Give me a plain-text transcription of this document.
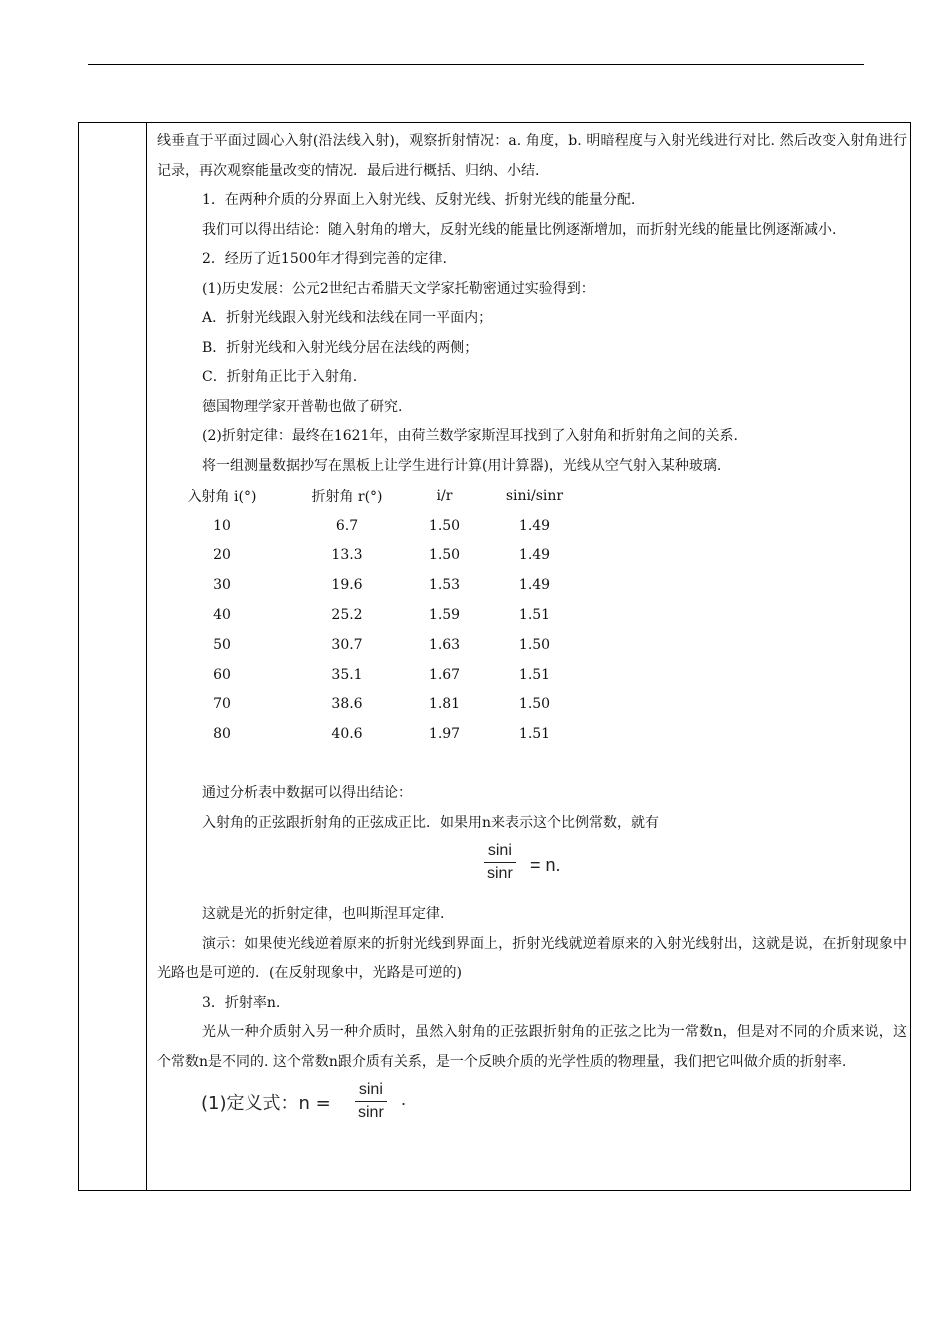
线垂直于平面过圆心入射(沿法线入射)，观察折射情况：a. 角度，b. 明暗程度与入射光线进行对比. 然后改变入射角进行记录，再次观察能量改变的情况．最后进行概括、归纳、小结.

1．在两种介质的分界面上入射光线、反射光线、折射光线的能量分配.

我们可以得出结论：随入射角的增大，反射光线的能量比例逐渐增加，而折射光线的能量比例逐渐减小.

2．经历了近1500年才得到完善的定律.

(1)历史发展：公元2世纪古希腊天文学家托勒密通过实验得到：

A．折射光线跟入射光线和法线在同一平面内；

B．折射光线和入射光线分居在法线的两侧；

C．折射角正比于入射角.

德国物理学家开普勒也做了研究.

(2)折射定律：最终在1621年，由荷兰数学家斯涅耳找到了入射角和折射角之间的关系.

将一组测量数据抄写在黑板上让学生进行计算(用计算器)，光线从空气射入某种玻璃.

入射角 i(°)	折射角 r(°)	i/r	sini/sinr
10	6.7	1.50	1.49
20	13.3	1.50	1.49
30	19.6	1.53	1.49
40	25.2	1.59	1.51
50	30.7	1.63	1.50
60	35.1	1.67	1.51
70	38.6	1.81	1.50
80	40.6	1.97	1.51

通过分析表中数据可以得出结论：

入射角的正弦跟折射角的正弦成正比．如果用n来表示这个比例常数，就有

sini
sinr = n.

这就是光的折射定律，也叫斯涅耳定律.

演示：如果使光线逆着原来的折射光线到界面上，折射光线就逆着原来的入射光线射出，这就是说，在折射现象中光路也是可逆的．(在反射现象中，光路是可逆的)

3．折射率n.

光从一种介质射入另一种介质时，虽然入射角的正弦跟折射角的正弦之比为一常数n，但是对不同的介质来说，这个常数n是不同的. 这个常数n跟介质有关系，是一个反映介质的光学性质的物理量，我们把它叫做介质的折射率.

(1)定义式：n =
sini
sinr
.
